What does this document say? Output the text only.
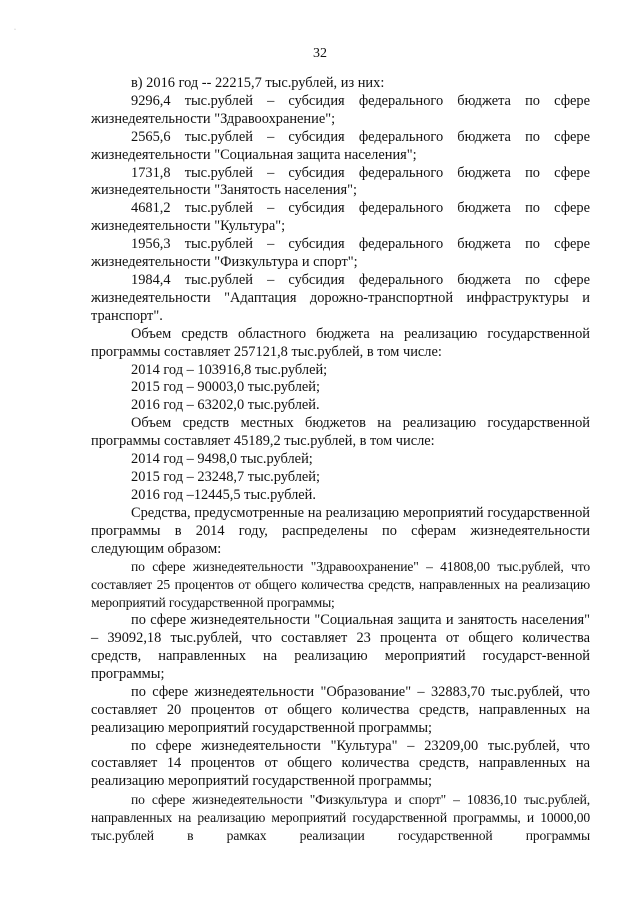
·
32

в) 2016 год -- 22215,7 тыс.рублей, из них:

9296,4 тыс.рублей – субсидия федерального бюджета по сфере жизнедеятельности "Здравоохранение";

2565,6 тыс.рублей – субсидия федерального бюджета по сфере жизнедеятельности "Социальная защита населения";

1731,8 тыс.рублей – субсидия федерального бюджета по сфере жизнедеятельности "Занятость населения";

4681,2 тыс.рублей – субсидия федерального бюджета по сфере жизнедеятельности "Культура";

1956,3 тыс.рублей – субсидия федерального бюджета по сфере жизнедеятельности "Физкультура и спорт";

1984,4 тыс.рублей – субсидия федерального бюджета по сфере жизнедеятельности "Адаптация дорожно-транспортной инфраструктуры и транспорт".

Объем средств областного бюджета на реализацию государственной программы составляет 257121,8 тыс.рублей, в том числе:

2014 год – 103916,8 тыс.рублей;

2015 год – 90003,0 тыс.рублей;

2016 год – 63202,0 тыс.рублей.

Объем средств местных бюджетов на реализацию государственной программы составляет 45189,2 тыс.рублей, в том числе:

2014 год – 9498,0 тыс.рублей;

2015 год – 23248,7 тыс.рублей;

2016 год –12445,5 тыс.рублей.

Средства, предусмотренные на реализацию мероприятий государственной программы в 2014 году, распределены по сферам жизнедеятельности следующим образом:

по сфере жизнедеятельности "Здравоохранение" – 41808,00 тыс.рублей, что составляет 25 процентов от общего количества средств, направленных на реализацию мероприятий государственной программы;

по сфере жизнедеятельности "Социальная защита и занятость населения" – 39092,18 тыс.рублей, что составляет 23 процента от общего количества средств, направленных на реализацию мероприятий государст-венной программы;

по сфере жизнедеятельности "Образование" – 32883,70 тыс.рублей, что составляет 20 процентов от общего количества средств, направленных на реализацию мероприятий государственной программы;

по сфере жизнедеятельности "Культура" – 23209,00 тыс.рублей, что составляет 14 процентов от общего количества средств, направленных на реализацию мероприятий государственной программы;

по сфере жизнедеятельности "Физкультура и спорт" – 10836,10 тыс.рублей, направленных на реализацию мероприятий государственной программы, и 10000,00 тыс.рублей в рамках реализации государственной программы
